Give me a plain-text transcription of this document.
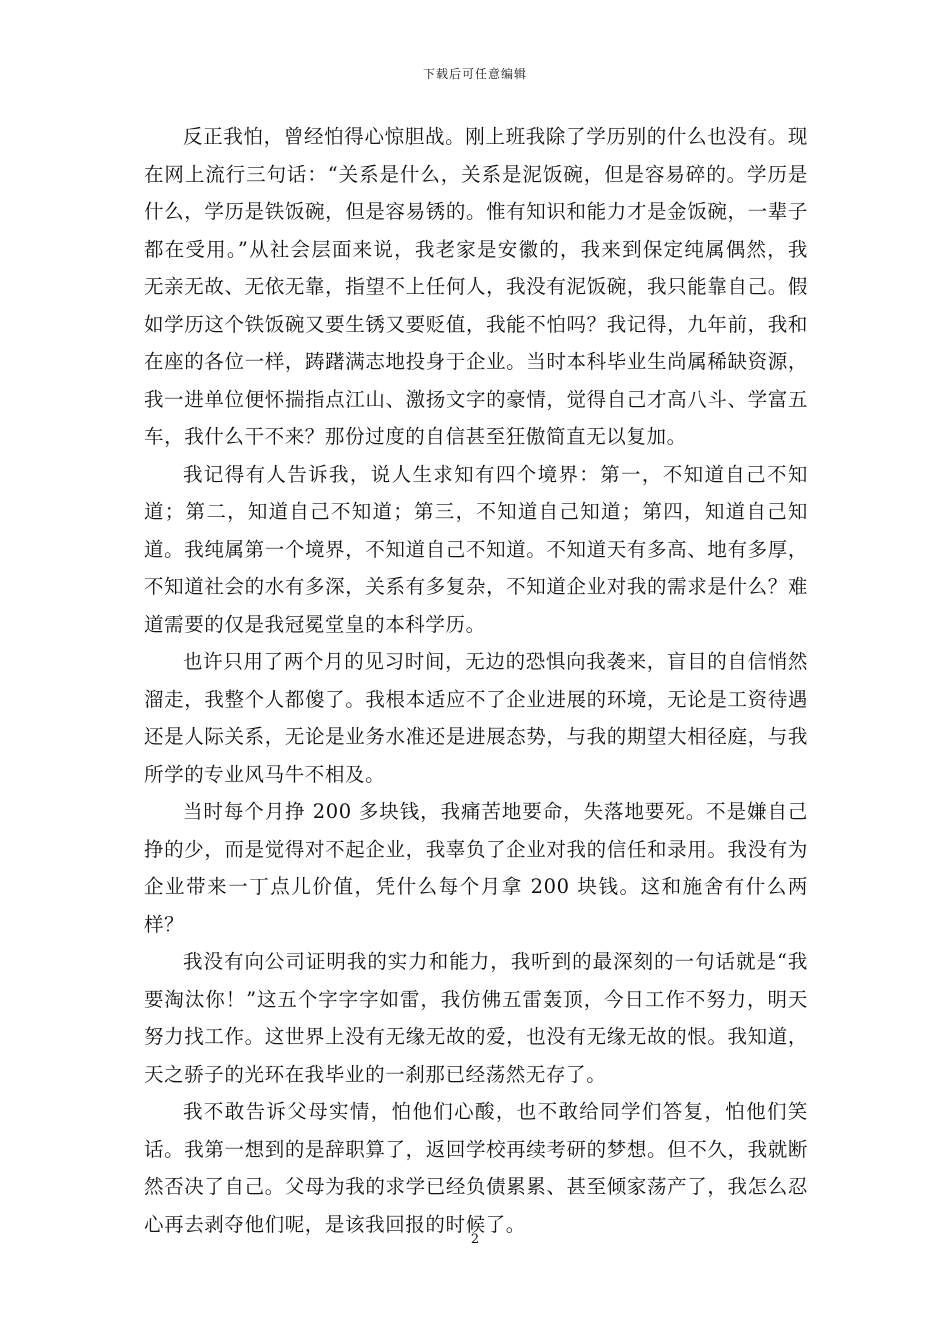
下载后可任意编辑

反正我怕，曾经怕得心惊胆战。刚上班我除了学历别的什么也没有。现在网上流行三句话：“关系是什么，关系是泥饭碗，但是容易碎的。学历是什么，学历是铁饭碗，但是容易锈的。惟有知识和能力才是金饭碗，一辈子都在受用。”从社会层面来说，我老家是安徽的，我来到保定纯属偶然，我无亲无故、无依无靠，指望不上任何人，我没有泥饭碗，我只能靠自己。假如学历这个铁饭碗又要生锈又要贬值，我能不怕吗？我记得，九年前，我和在座的各位一样，踌躇满志地投身于企业。当时本科毕业生尚属稀缺资源，我一进单位便怀揣指点江山、激扬文字的豪情，觉得自己才高八斗、学富五车，我什么干不来？那份过度的自信甚至狂傲简直无以复加。

我记得有人告诉我，说人生求知有四个境界：第一，不知道自己不知道；第二，知道自己不知道；第三，不知道自己知道；第四，知道自己知道。我纯属第一个境界，不知道自己不知道。不知道天有多高、地有多厚，不知道社会的水有多深，关系有多复杂，不知道企业对我的需求是什么？难道需要的仅是我冠冕堂皇的本科学历。

也许只用了两个月的见习时间，无边的恐惧向我袭来，盲目的自信悄然溜走，我整个人都傻了。我根本适应不了企业进展的环境，无论是工资待遇还是人际关系，无论是业务水准还是进展态势，与我的期望大相径庭，与我所学的专业风马牛不相及。

当时每个月挣 200 多块钱，我痛苦地要命，失落地要死。不是嫌自己挣的少，而是觉得对不起企业，我辜负了企业对我的信任和录用。我没有为企业带来一丁点儿价值，凭什么每个月拿 200 块钱。这和施舍有什么两样？

我没有向公司证明我的实力和能力，我听到的最深刻的一句话就是“我要淘汰你！”这五个字字字如雷，我仿佛五雷轰顶，今日工作不努力，明天努力找工作。这世界上没有无缘无故的爱，也没有无缘无故的恨。我知道，天之骄子的光环在我毕业的一刹那已经荡然无存了。

我不敢告诉父母实情，怕他们心酸，也不敢给同学们答复，怕他们笑话。我第一想到的是辞职算了，返回学校再续考研的梦想。但不久，我就断然否决了自己。父母为我的求学已经负债累累、甚至倾家荡产了，我怎么忍心再去剥夺他们呢，是该我回报的时候了。

2
